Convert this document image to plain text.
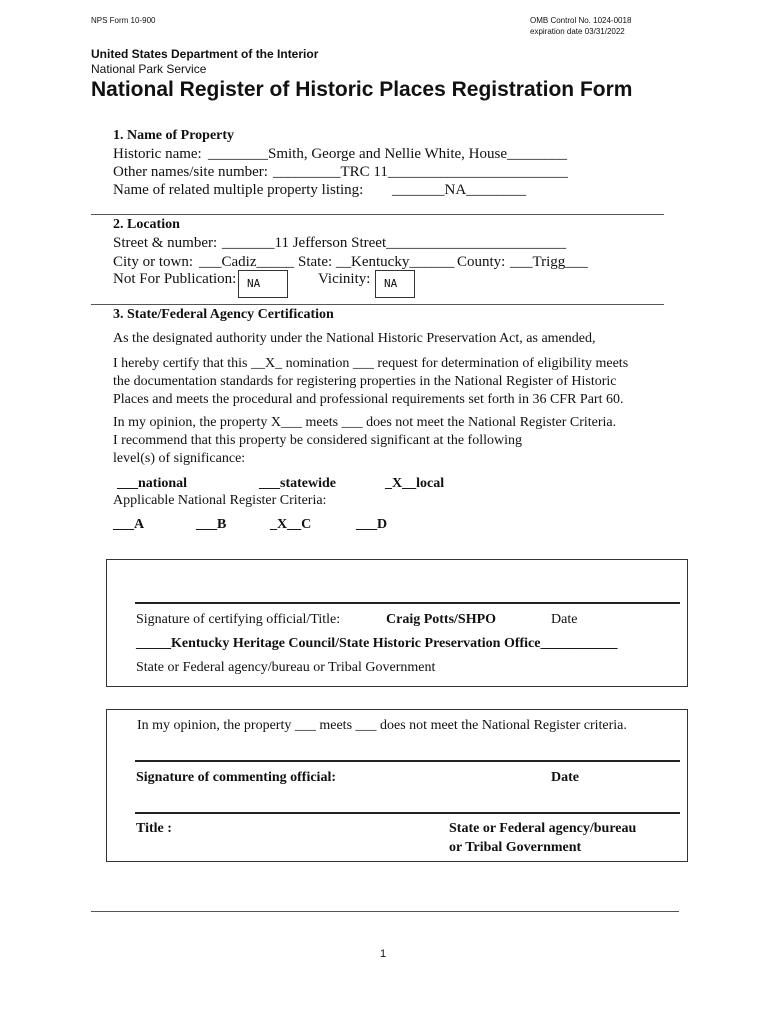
NPS Form 10-900	OMB Control No. 1024-0018
expiration date 03/31/2022
United States Department of the Interior
National Park Service
National Register of Historic Places Registration Form
1. Name of Property
Historic name: ________Smith, George and Nellie White, House________
Other names/site number: _________TRC 11________________________
Name of related multiple property listing: _______NA________
2. Location
Street & number: _______11 Jefferson Street________________________
City or town: ___Cadiz_____ State: __Kentucky______ County: ___Trigg___
Not For Publication: NA	Vicinity:	NA
3. State/Federal Agency Certification
As the designated authority under the National Historic Preservation Act, as amended,
I hereby certify that this __X_ nomination ___ request for determination of eligibility meets
the documentation standards for registering properties in the National Register of Historic
Places and meets the procedural and professional requirements set forth in 36 CFR Part 60.
In my opinion, the property X___ meets ___ does not meet the National Register Criteria.
I recommend that this property be considered significant at the following
level(s) of significance:
___national	___statewide	_X__local
Applicable National Register Criteria:
___A	___B	_X__C	___D
Signature of certifying official/Title:	Craig Potts/SHPO	Date
_____Kentucky Heritage Council/State Historic Preservation Office___________
State or Federal agency/bureau or Tribal Government
In my opinion, the property ___ meets ___ does not meet the National Register criteria.
Signature of commenting official:	Date
Title :	State or Federal agency/bureau
or Tribal Government
1
